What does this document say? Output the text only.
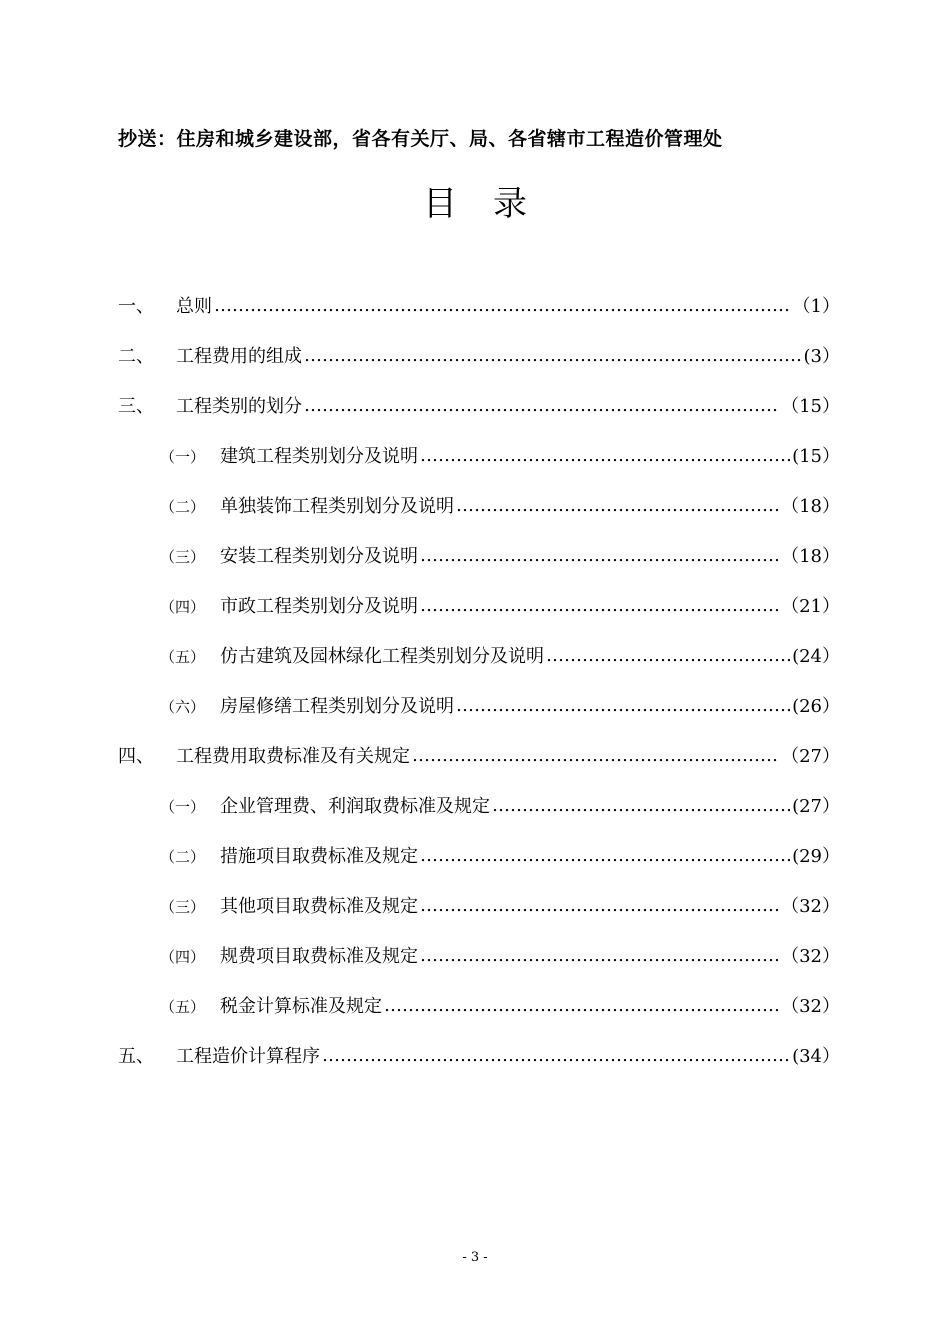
抄送：住房和城乡建设部，省各有关厅、局、各省辖市工程造价管理处
目录
一、	总则 …………………………………………………………………………………………………………………………………………………………	（1）
二、	工程费用的组成 …………………………………………………………………………………………………………………………………………………………	(3）
三、	工程类别的划分 …………………………………………………………………………………………………………………………………………………………	（15）
（一） 建筑工程类别划分及说明 …………………………………………………………………………………………………………………………………………………………	(15）
（二） 单独装饰工程类别划分及说明 …………………………………………………………………………………………………………………………………………………………	（18）
（三） 安装工程类别划分及说明 …………………………………………………………………………………………………………………………………………………………	（18）
（四） 市政工程类别划分及说明 …………………………………………………………………………………………………………………………………………………………	（21）
（五） 仿古建筑及园林绿化工程类别划分及说明 …………………………………………………………………………………………………………………………………………………………	(24）
（六） 房屋修缮工程类别划分及说明 …………………………………………………………………………………………………………………………………………………………	(26）
四、	工程费用取费标准及有关规定 …………………………………………………………………………………………………………………………………………………………	（27）
（一） 企业管理费、利润取费标准及规定 …………………………………………………………………………………………………………………………………………………………	(27）
（二） 措施项目取费标准及规定 …………………………………………………………………………………………………………………………………………………………	(29）
（三） 其他项目取费标准及规定 …………………………………………………………………………………………………………………………………………………………	（32）
（四） 规费项目取费标准及规定 …………………………………………………………………………………………………………………………………………………………	（32）
（五） 税金计算标准及规定 …………………………………………………………………………………………………………………………………………………………	（32）
五、	工程造价计算程序 …………………………………………………………………………………………………………………………………………………………	(34）
- 3 -
